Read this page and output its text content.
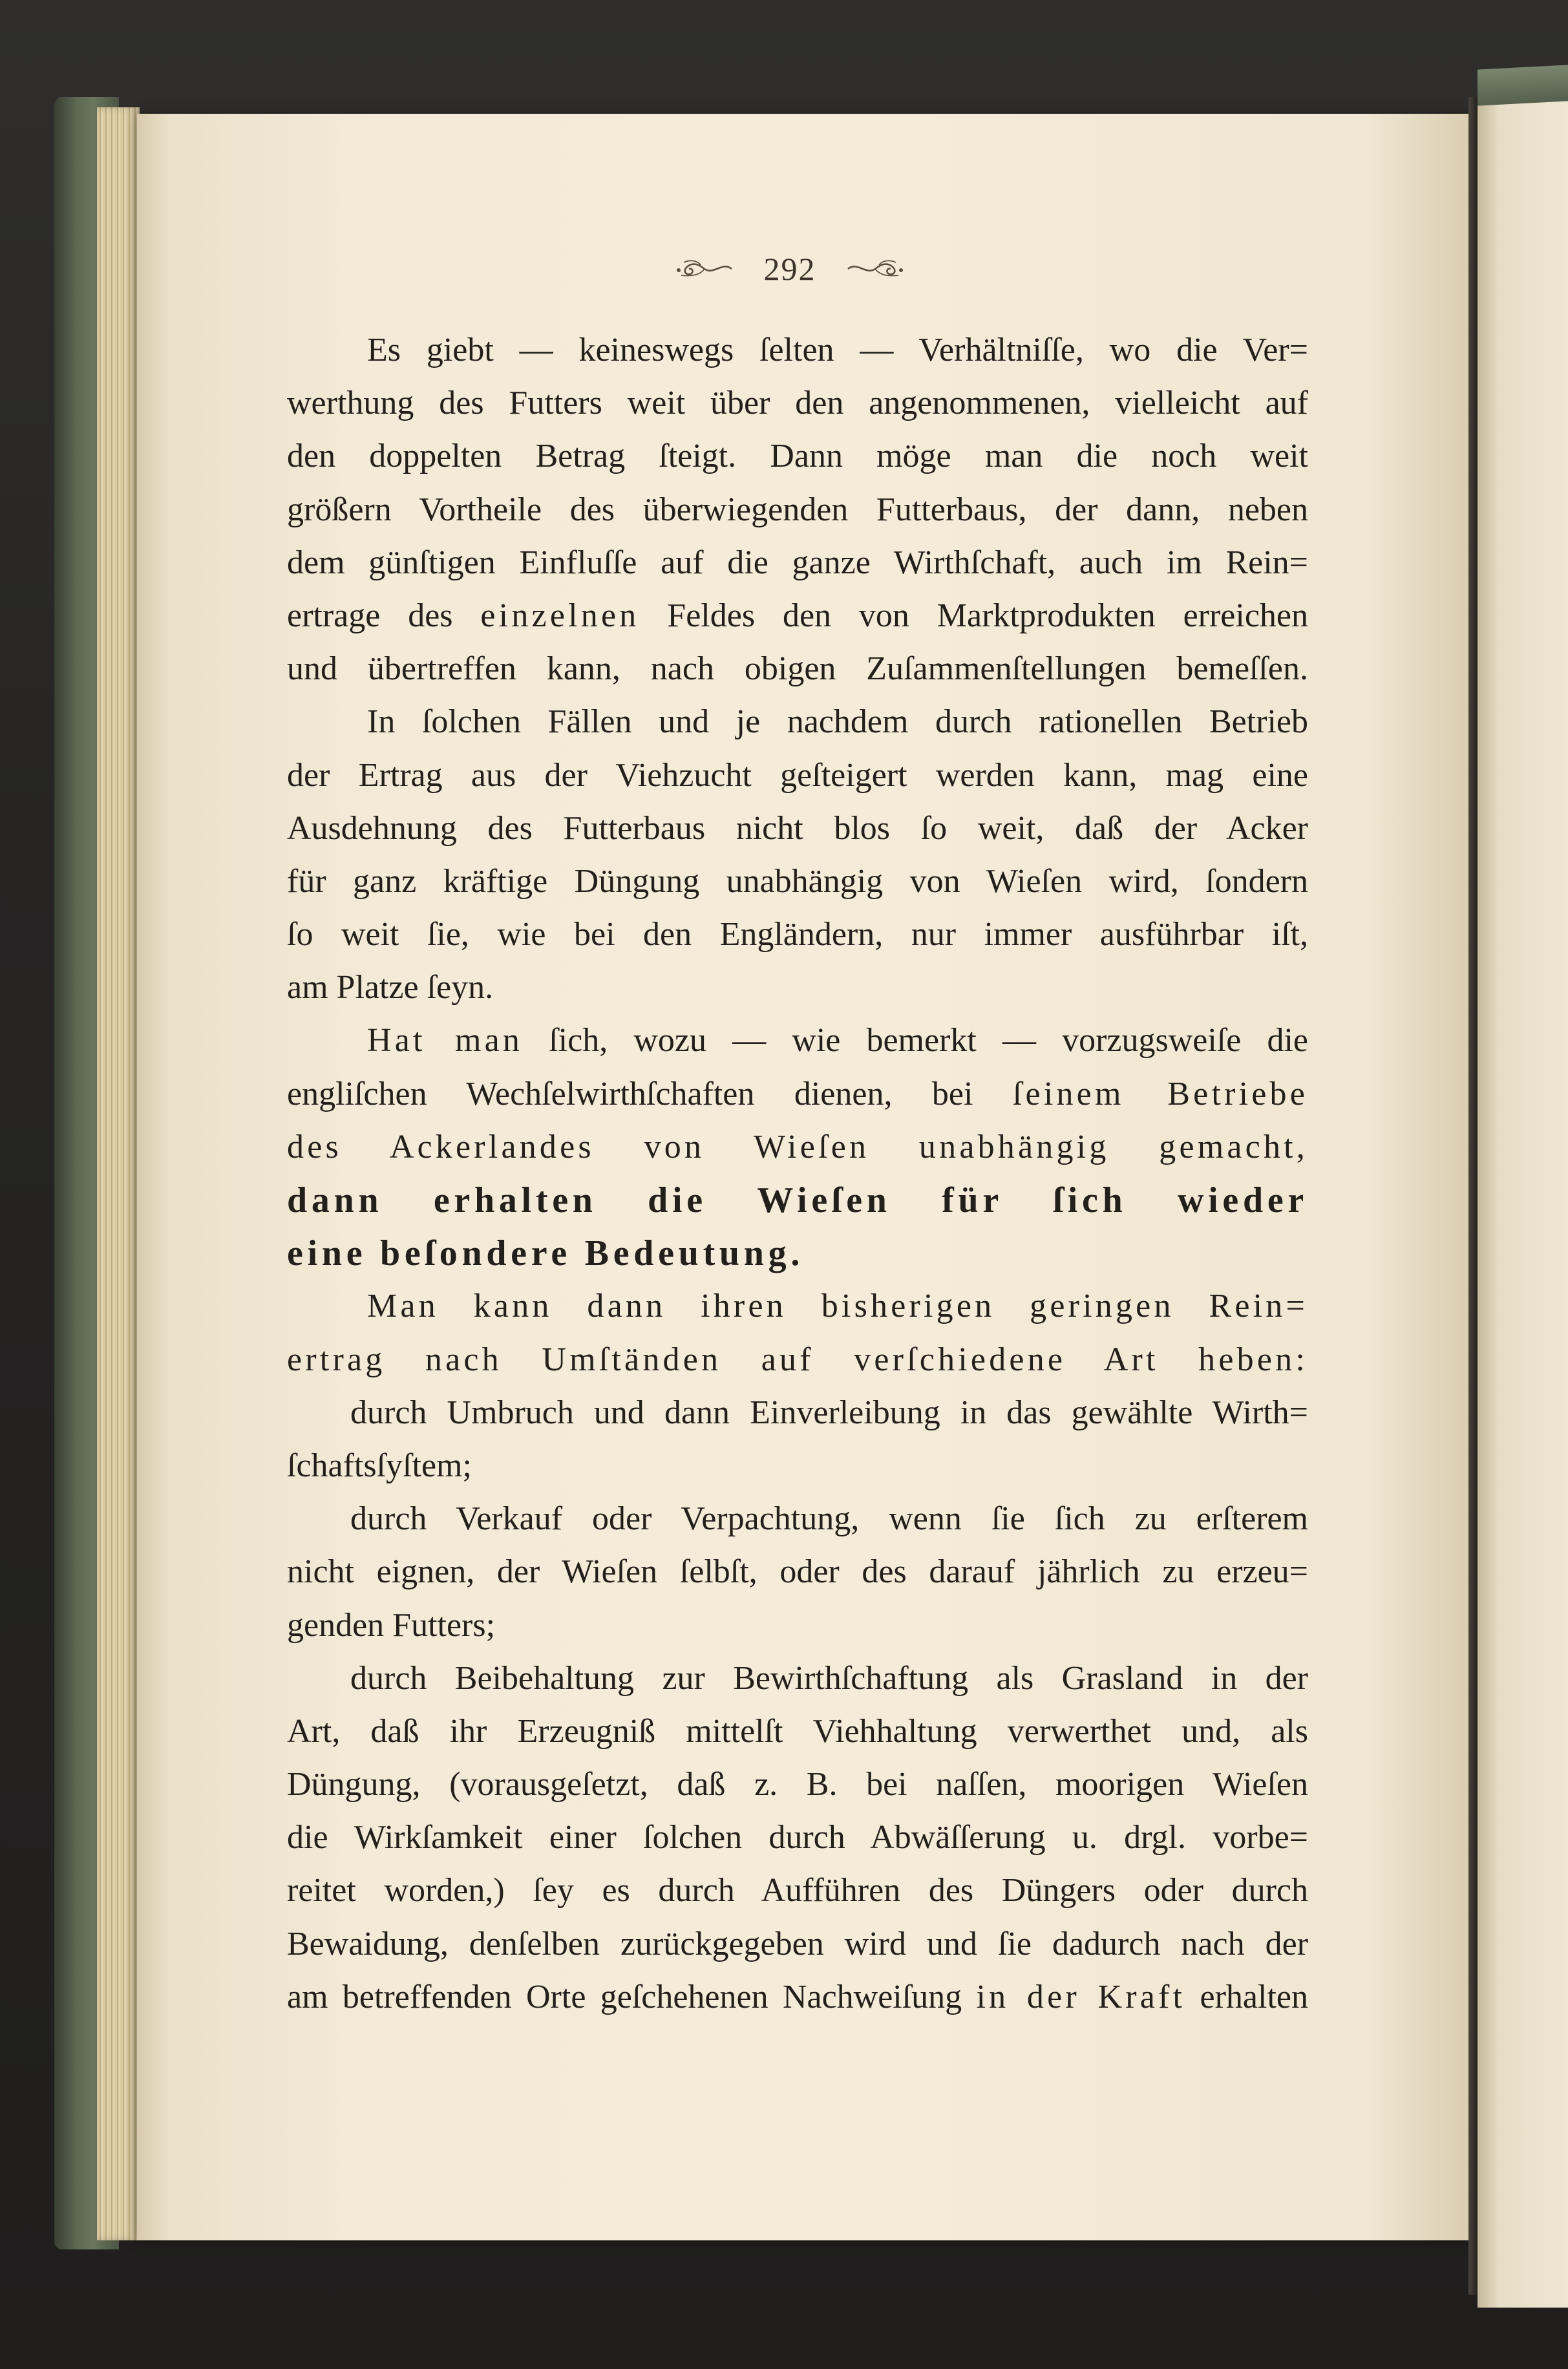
292
Es giebt — keineswegs ſelten — Verhältniſſe, wo die Ver=
werthung des Futters weit über den angenommenen, vielleicht auf
den doppelten Betrag ſteigt. Dann möge man die noch weit
größern Vortheile des überwiegenden Futterbaus, der dann, neben
dem günſtigen Einfluſſe auf die ganze Wirthſchaft, auch im Rein=
ertrage des einzelnen Feldes den von Marktprodukten erreichen
und übertreffen kann, nach obigen Zuſammenſtellungen bemeſſen.
In ſolchen Fällen und je nachdem durch rationellen Betrieb
der Ertrag aus der Viehzucht geſteigert werden kann, mag eine
Ausdehnung des Futterbaus nicht blos ſo weit, daß der Acker
für ganz kräftige Düngung unabhängig von Wieſen wird, ſondern
ſo weit ſie, wie bei den Engländern, nur immer ausführbar iſt,
am Platze ſeyn.
Hat man ſich, wozu — wie bemerkt — vorzugsweiſe die
engliſchen Wechſelwirthſchaften dienen, bei ſeinem Betriebe
des Ackerlandes von Wieſen unabhängig gemacht,
dann erhalten die Wieſen für ſich wieder
eine beſondere Bedeutung.
Man kann dann ihren bisherigen geringen Rein=
ertrag nach Umſtänden auf verſchiedene Art heben:
durch Umbruch und dann Einverleibung in das gewählte Wirth=
ſchaftsſyſtem;
durch Verkauf oder Verpachtung, wenn ſie ſich zu erſterem
nicht eignen, der Wieſen ſelbſt, oder des darauf jährlich zu erzeu=
genden Futters;
durch Beibehaltung zur Bewirthſchaftung als Grasland in der
Art, daß ihr Erzeugniß mittelſt Viehhaltung verwerthet und, als
Düngung, (vorausgeſetzt, daß z. B. bei naſſen, moorigen Wieſen
die Wirkſamkeit einer ſolchen durch Abwäſſerung u. drgl. vorbe=
reitet worden,) ſey es durch Aufführen des Düngers oder durch
Bewaidung, denſelben zurückgegeben wird und ſie dadurch nach der
am betreffenden Orte geſchehenen Nachweiſung in der Kraft erhalten
